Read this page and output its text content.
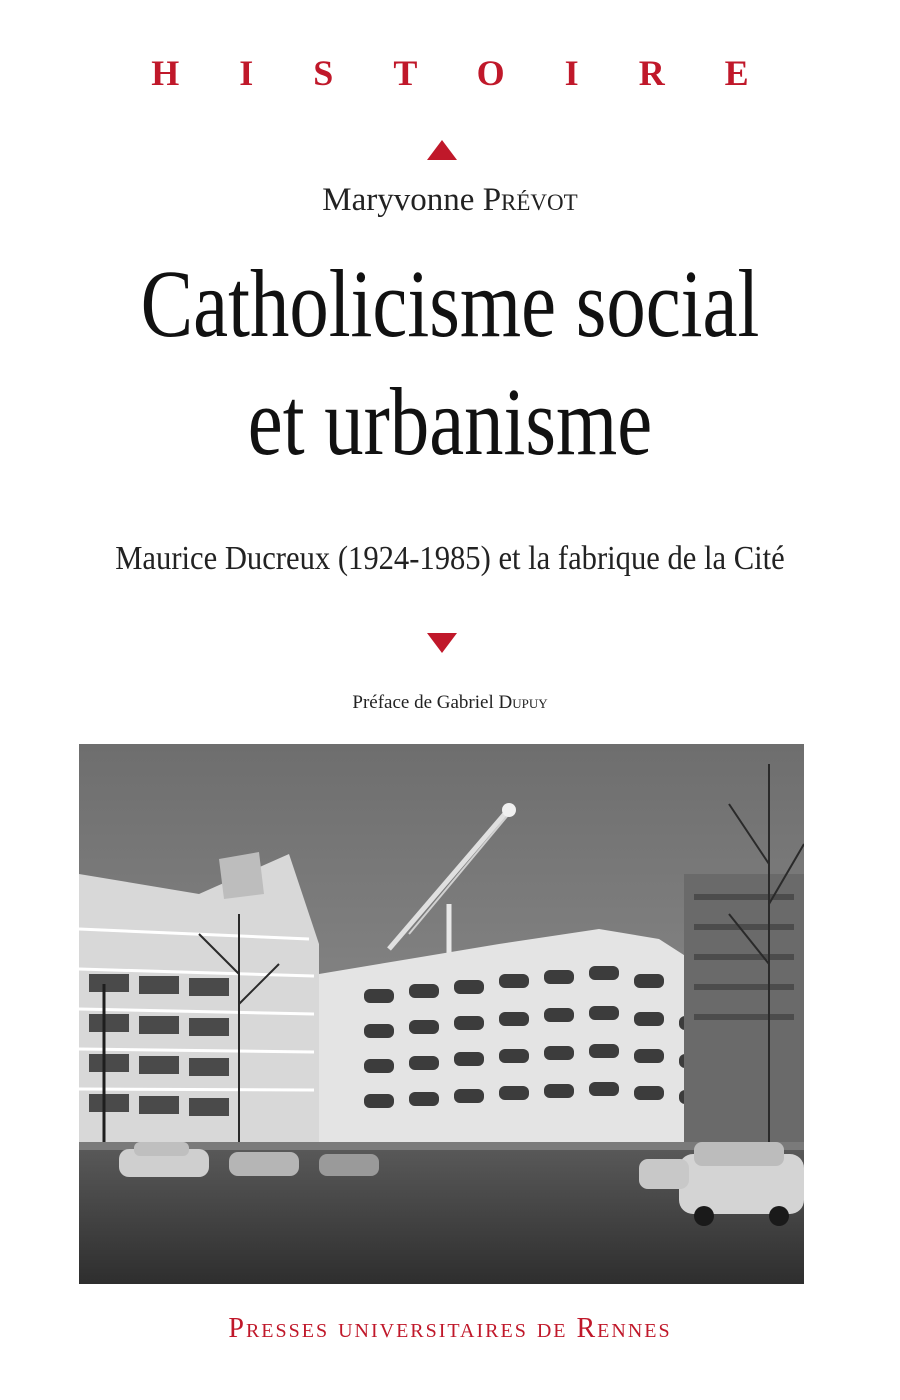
HISTOIRE
Maryvonne Prévot
Catholicisme social
et urbanisme
Maurice Ducreux (1924-1985) et la fabrique de la Cité
Préface de Gabriel Dupuy
Presses universitaires de Rennes
